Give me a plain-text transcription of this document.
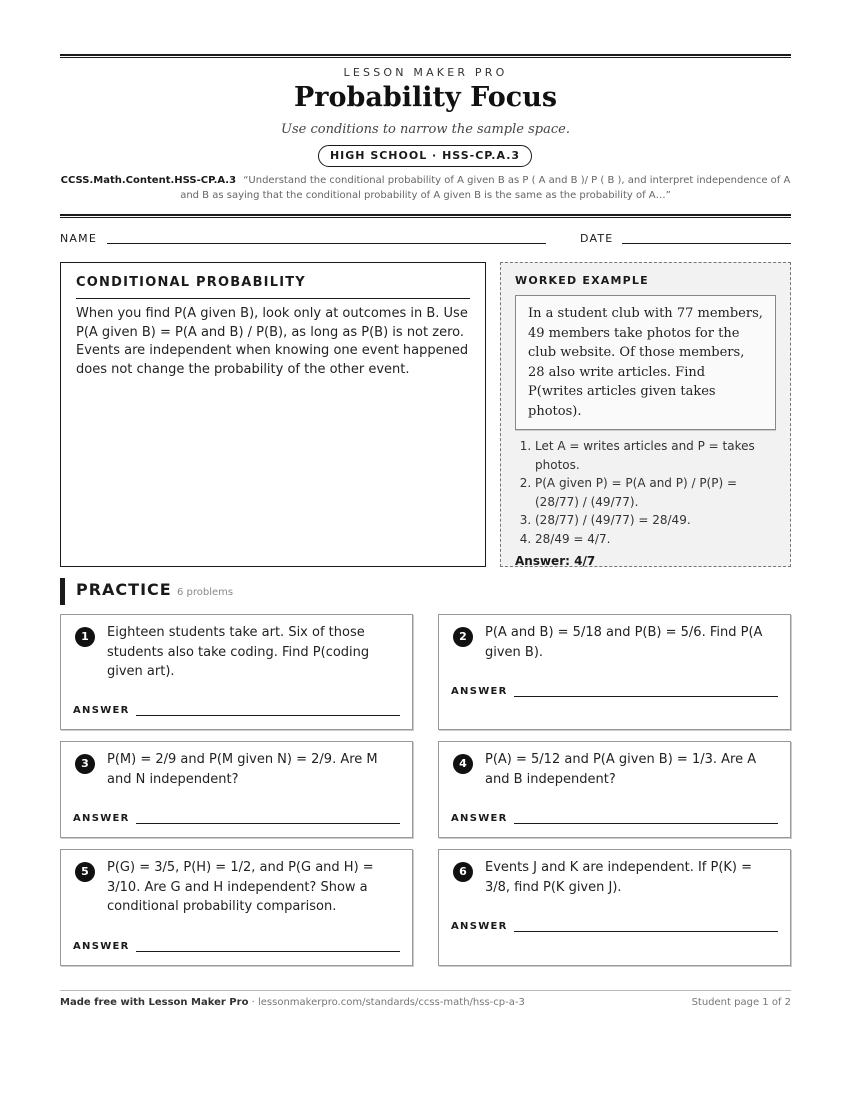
LESSON MAKER PRO
Probability Focus
Use conditions to narrow the sample space.
HIGH SCHOOL · HSS-CP.A.3
CCSS.Math.Content.HSS-CP.A.3 “Understand the conditional probability of A given B as P ( A and B )/ P ( B ), and interpret independence of A and B as saying that the conditional probability of A given B is the same as the probability of A…”
NAME	DATE
CONDITIONAL PROBABILITY
When you find P(A given B), look only at outcomes in B. Use P(A given B) = P(A and B) / P(B), as long as P(B) is not zero. Events are independent when knowing one event happened does not change the probability of the other event.
WORKED EXAMPLE
In a student club with 77 members, 49 members take photos for the club website. Of those members, 28 also write articles. Find P(writes articles given takes photos).
1. Let A = writes articles and P = takes photos.
2. P(A given P) = P(A and P) / P(P) = (28/77) / (49/77).
3. (28/77) / (49/77) = 28/49.
4. 28/49 = 4/7.
Answer: 4/7
PRACTICE 6 problems
1	Eighteen students take art. Six of those students also take coding. Find P(coding given art).
ANSWER
2	P(A and B) = 5/18 and P(B) = 5/6. Find P(A given B).
ANSWER
3	P(M) = 2/9 and P(M given N) = 2/9. Are M and N independent?
ANSWER
4	P(A) = 5/12 and P(A given B) = 1/3. Are A and B independent?
ANSWER
5	P(G) = 3/5, P(H) = 1/2, and P(G and H) = 3/10. Are G and H independent? Show a conditional probability comparison.
ANSWER
6	Events J and K are independent. If P(K) = 3/8, find P(K given J).
ANSWER
Made free with Lesson Maker Pro · lessonmakerpro.com/standards/ccss-math/hss-cp-a-3	Student page 1 of 2
